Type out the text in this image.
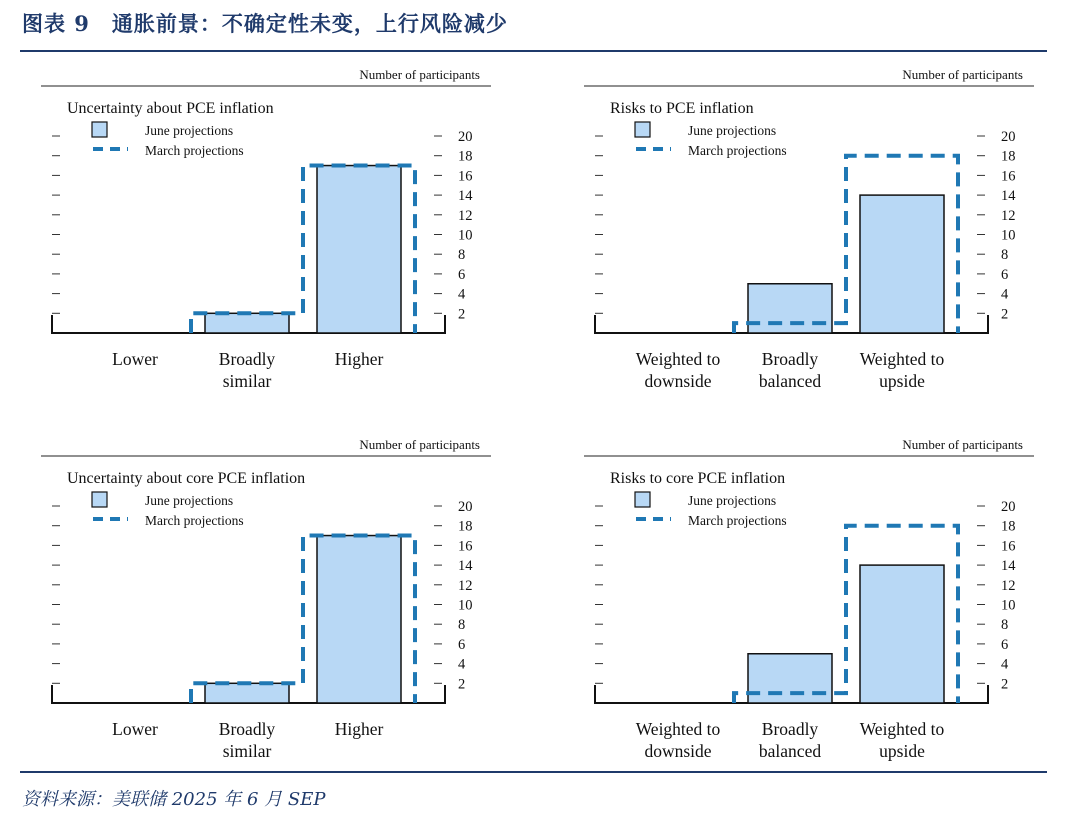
图表 9　通胀前景：不确定性未变，上行风险减少
Number of participants
Uncertainty about PCE inflation
June projections
March projections
2
4
6
8
10
12
14
16
18
20
Lower	Broadly
similar
Higher
Number of participants
Risks to PCE inflation
June projections
March projections
2
4
6
8
10
12
14
16
18
20
Weighted to
downside
Broadly
balanced
Weighted to
upside
Number of participants
Uncertainty about core PCE inflation
June projections
March projections
2
4
6
8
10
12
14
16
18
20
Lower	Broadly
similar
Higher
Number of participants
Risks to core PCE inflation
June projections
March projections
2
4
6
8
10
12
14
16
18
20
Weighted to
downside
Broadly
balanced
Weighted to
upside
资料来源：美联储 2025 年 6 月 SEP
